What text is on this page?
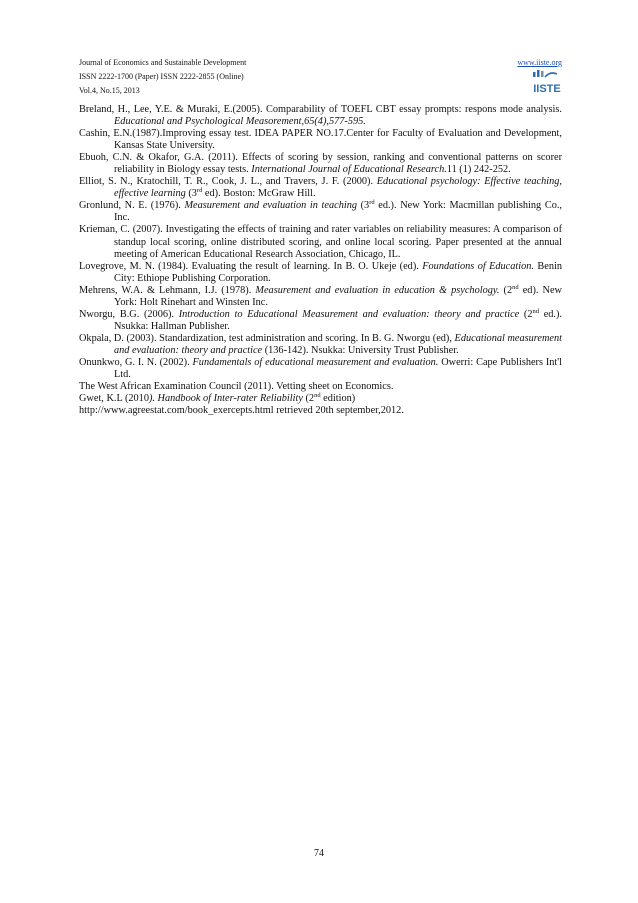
Journal of Economics and Sustainable Development
ISSN 2222-1700 (Paper) ISSN 2222-2855 (Online)
Vol.4, No.15, 2013
www.iiste.org
IISTE

Breland, H., Lee, Y.E. & Muraki, E.(2005). Comparability of TOEFL CBT essay prompts: respons mode analysis. Educational and Psychological Measorement,65(4),577-595.

Cashin, E.N.(1987).Improving essay test. IDEA PAPER NO.17.Center for Faculty of Evaluation and Development, Kansas State University.

Ebuoh, C.N. & Okafor, G.A. (2011). Effects of scoring by session, ranking and conventional patterns on scorer reliability in Biology essay tests. International Journal of Educational Research.11 (1) 242-252.

Elliot, S. N., Kratochill, T. R., Cook, J. L., and Travers, J. F. (2000). Educational psychology: Effective teaching, effective learning (3rd ed). Boston: McGraw Hill.

Gronlund, N. E. (1976). Measurement and evaluation in teaching (3rd ed.). New York: Macmillan publishing Co., Inc.

Krieman, C. (2007). Investigating the effects of training and rater variables on reliability measures: A comparison of standup local scoring, online distributed scoring, and online local scoring. Paper presented at the annual meeting of American Educational Research Association, Chicago, IL.

Lovegrove, M. N. (1984). Evaluating the result of learning. In B. O. Ukeje (ed). Foundations of Education. Benin City: Ethiope Publishing Corporation.

Mehrens, W.A. & Lehmann, I.J. (1978). Measurement and evaluation in education & psychology. (2nd ed). New York: Holt Rinehart and Winsten Inc.

Nworgu, B.G. (2006). Introduction to Educational Measurement and evaluation: theory and practice (2nd ed.). Nsukka: Hallman Publisher.

Okpala, D. (2003). Standardization, test administration and scoring. In B. G. Nworgu (ed), Educational measurement and evaluation: theory and practice (136-142). Nsukka: University Trust Publisher.

Onunkwo, G. I. N. (2002). Fundamentals of educational measurement and evaluation. Owerri: Cape Publishers Int'l Ltd.

The West African Examination Council (2011). Vetting sheet on Economics.

Gwet, K.L (2010). Handbook of Inter-rater Reliability (2nd edition)

http://www.agreestat.com/book_exercepts.html retrieved 20th september,2012.

74
